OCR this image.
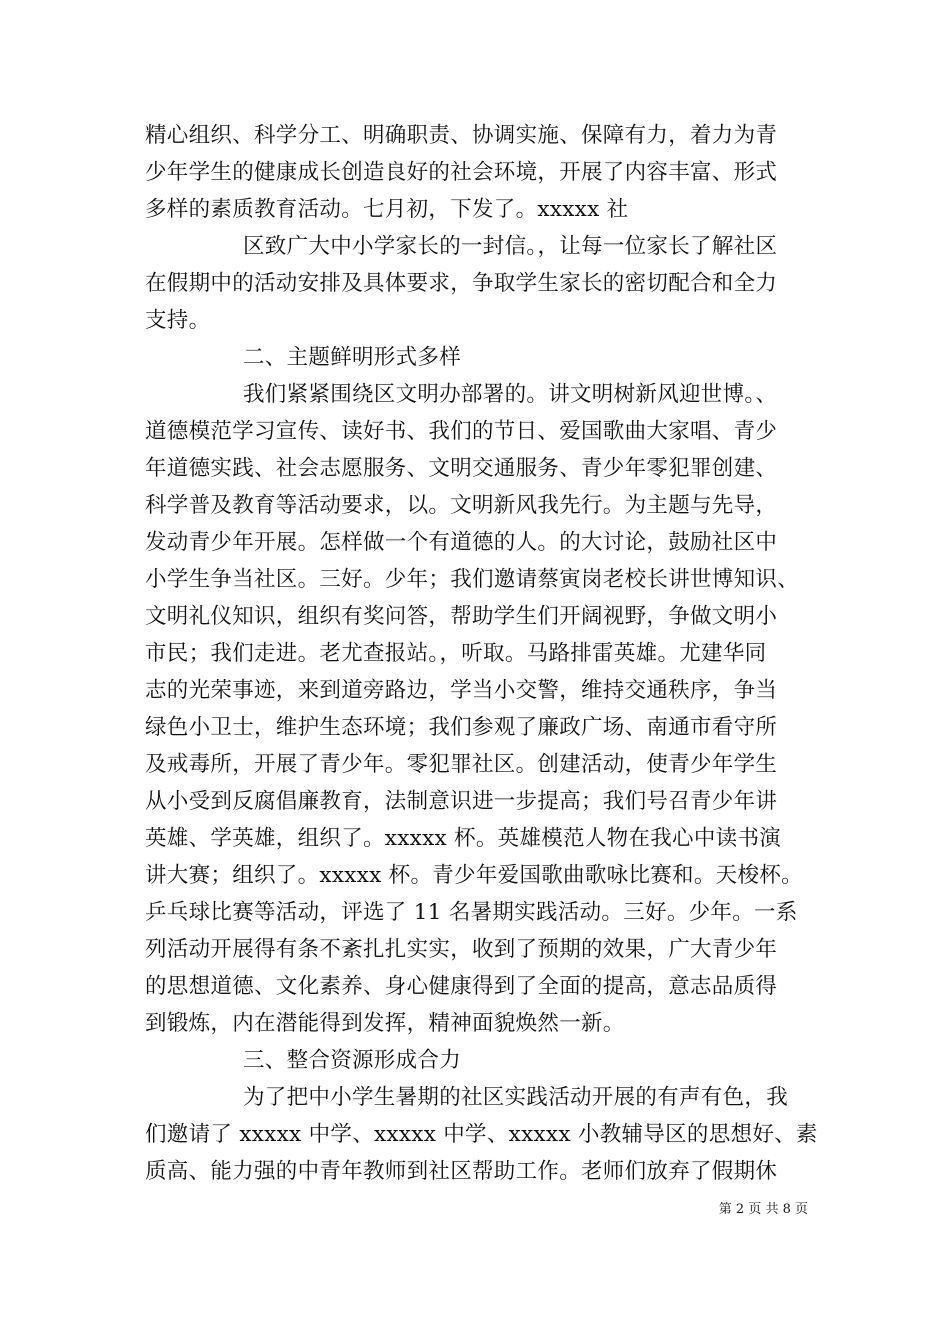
精心组织、科学分工、明确职责、协调实施、保障有力，着力为青
少年学生的健康成长创造良好的社会环境，开展了内容丰富、形式
多样的素质教育活动。七月初，下发了。xxxxx 社
区致广大中小学家长的一封信。，让每一位家长了解社区
在假期中的活动安排及具体要求，争取学生家长的密切配合和全力
支持。
二、主题鲜明形式多样
我们紧紧围绕区文明办部署的。讲文明树新风迎世博。、
道德模范学习宣传、读好书、我们的节日、爱国歌曲大家唱、青少
年道德实践、社会志愿服务、文明交通服务、青少年零犯罪创建、
科学普及教育等活动要求，以。文明新风我先行。为主题与先导，
发动青少年开展。怎样做一个有道德的人。的大讨论，鼓励社区中
小学生争当社区。三好。少年；我们邀请蔡寅岗老校长讲世博知识、
文明礼仪知识，组织有奖问答，帮助学生们开阔视野，争做文明小
市民；我们走进。老尤查报站。，听取。马路排雷英雄。尤建华同
志的光荣事迹，来到道旁路边，学当小交警，维持交通秩序，争当
绿色小卫士，维护生态环境；我们参观了廉政广场、南通市看守所
及戒毒所，开展了青少年。零犯罪社区。创建活动，使青少年学生
从小受到反腐倡廉教育，法制意识进一步提高；我们号召青少年讲
英雄、学英雄，组织了。xxxxx 杯。英雄模范人物在我心中读书演
讲大赛；组织了。xxxxx 杯。青少年爱国歌曲歌咏比赛和。天梭杯。
乒乓球比赛等活动，评选了 11 名暑期实践活动。三好。少年。一系
列活动开展得有条不紊扎扎实实，收到了预期的效果，广大青少年
的思想道德、文化素养、身心健康得到了全面的提高，意志品质得
到锻炼，内在潜能得到发挥，精神面貌焕然一新。
三、整合资源形成合力
为了把中小学生暑期的社区实践活动开展的有声有色，我
们邀请了 xxxxx 中学、xxxxx 中学、xxxxx 小教辅导区的思想好、素
质高、能力强的中青年教师到社区帮助工作。老师们放弃了假期休
第 2 页 共 8 页
